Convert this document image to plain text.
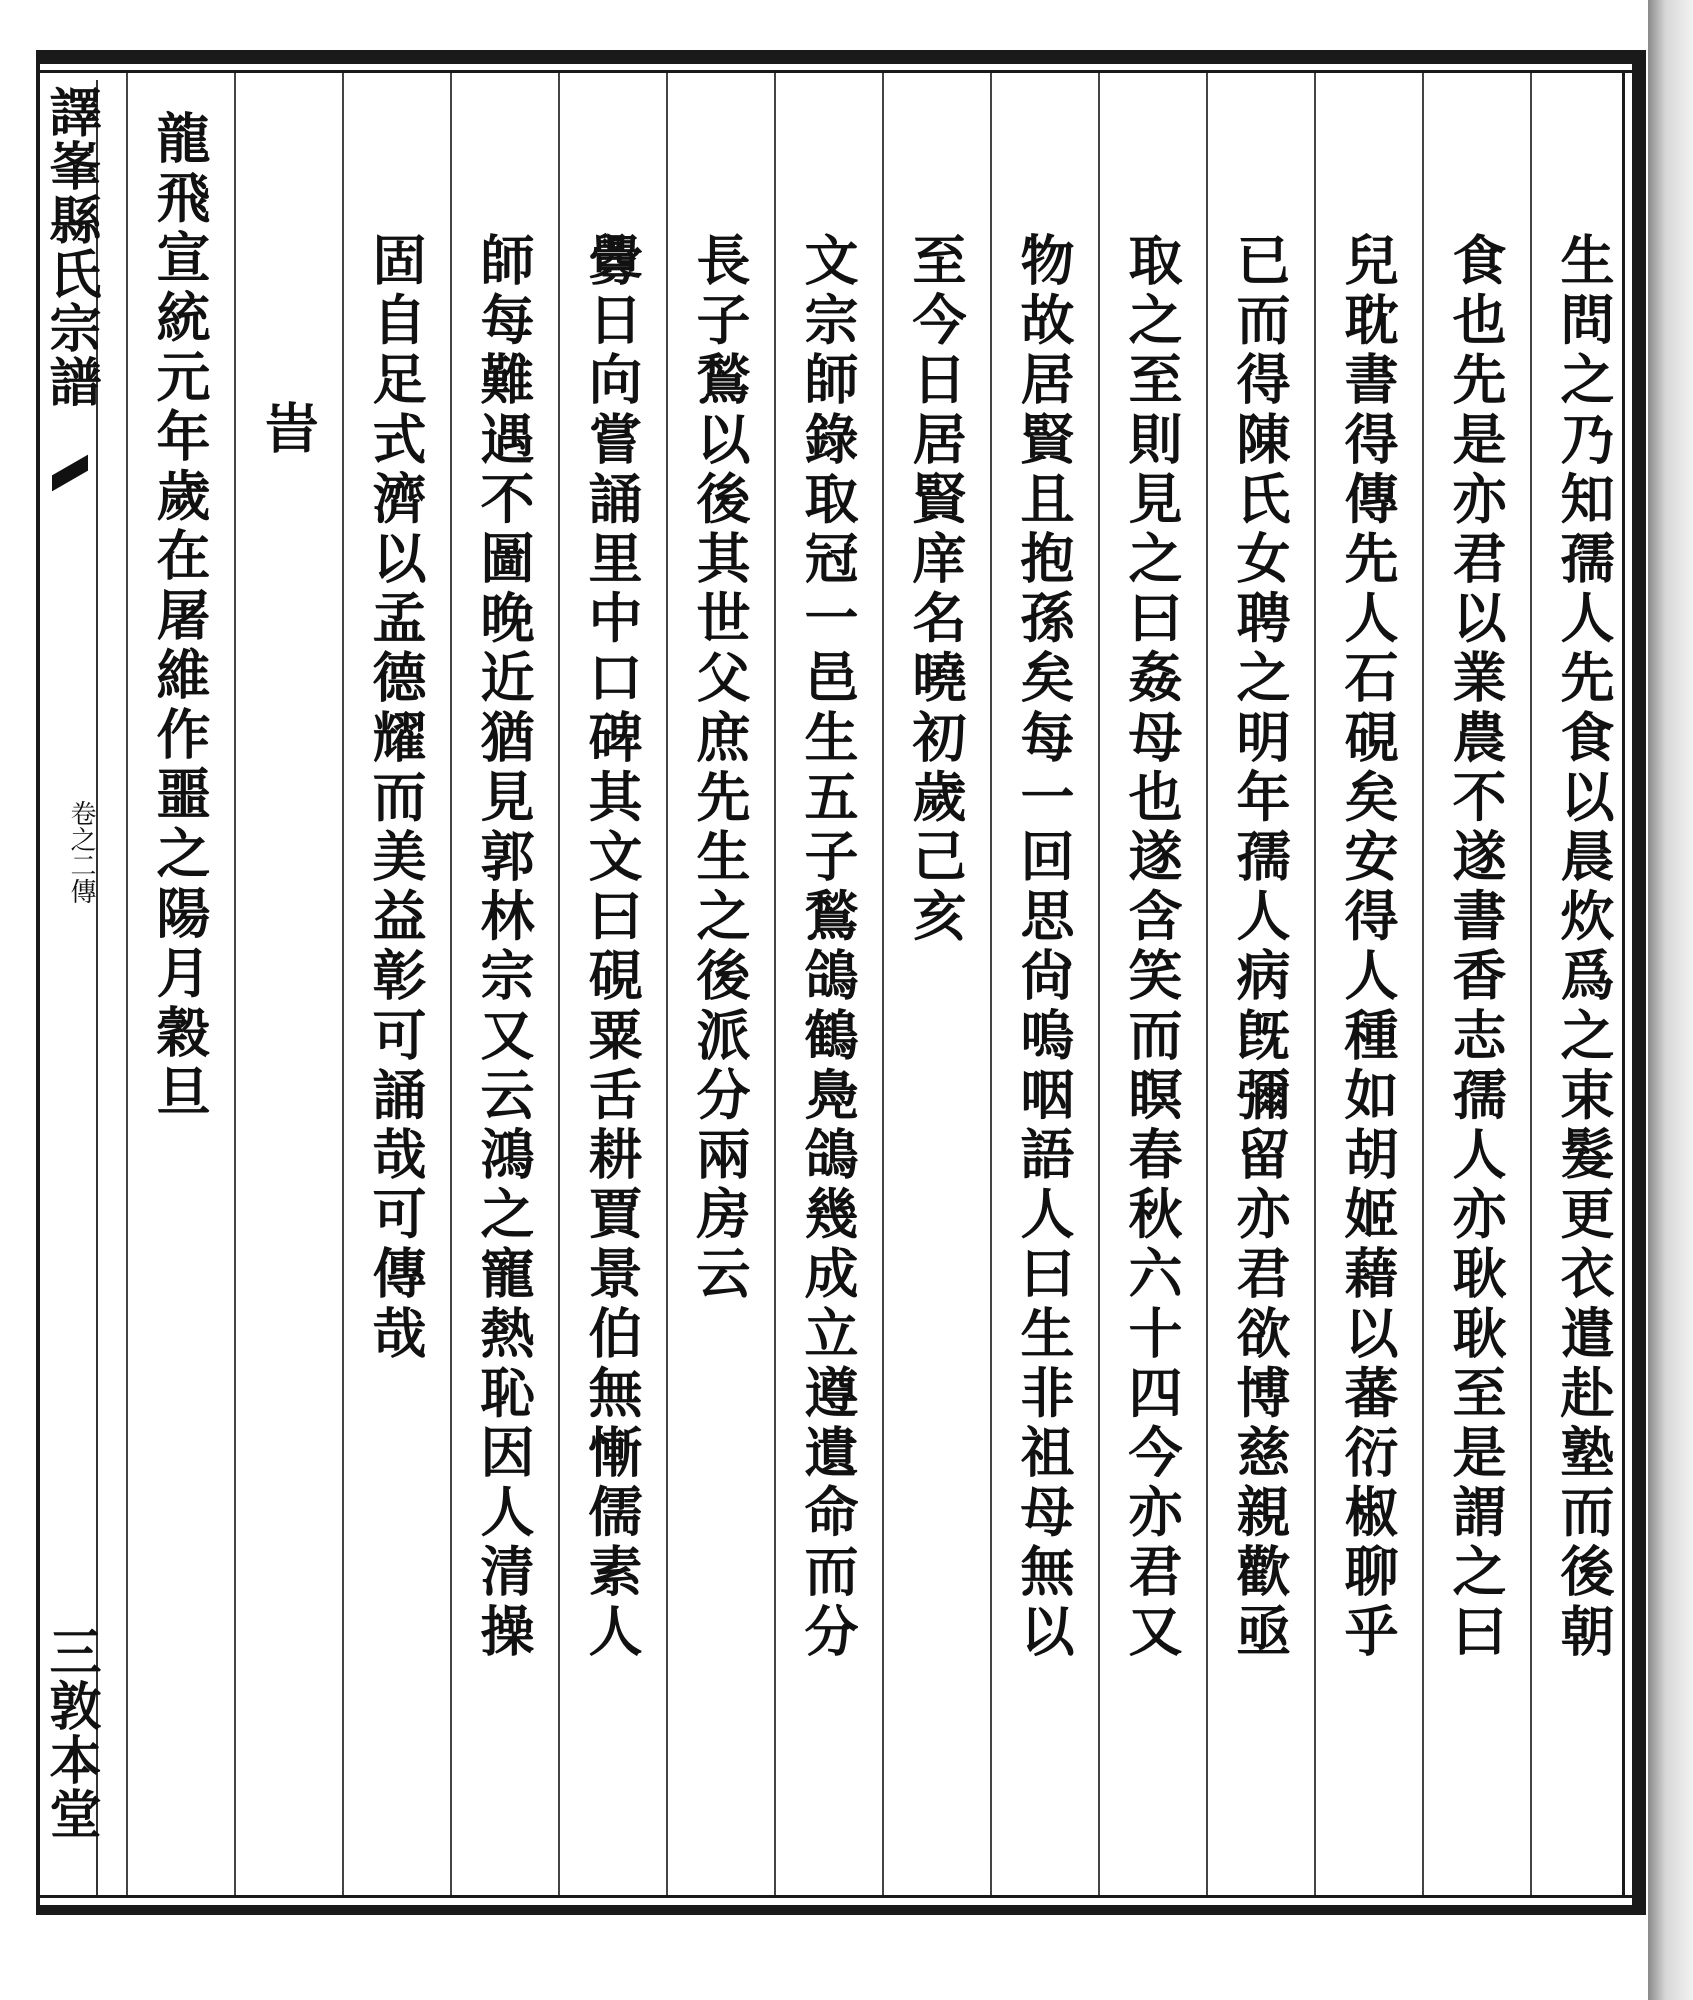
譯峯縣氏宗譜
卷之二傳
三敦本堂
生問之乃知孺人先食以晨炊爲之束髮更衣遣赴塾而後朝
食也先是亦君以業農不遂書香志孺人亦耿耿至是謂之曰
兒耽書得傳先人石硯矣安得人種如胡姬藉以蕃衍椒聊乎
已而得陳氏女聘之明年孺人病旣彌留亦君欲博慈親歡亟
取之至則見之曰姦母也遂含笑而瞑春秋六十四今亦君又
物故居賢且抱孫矣每一回思尙嗚咽語人曰生非祖母無以
至今日居賢庠名曉初歲己亥
文宗師錄取冠一邑生五子鶖鴿鶴鳧鴿幾成立遵遺命而分
長子鶖以後其世父庶先生之後派分兩房云
釁日向嘗誦里中口碑其文曰硯粟舌耕賈景伯無慚儒素人
師每難遇不圖晚近猶見郭林宗又云鴻之寵熱恥因人清操
固自足式濟以孟德耀而美益彰可誦哉可傳哉
旹
龍飛宣統元年歲在屠維作噩之陽月穀旦
